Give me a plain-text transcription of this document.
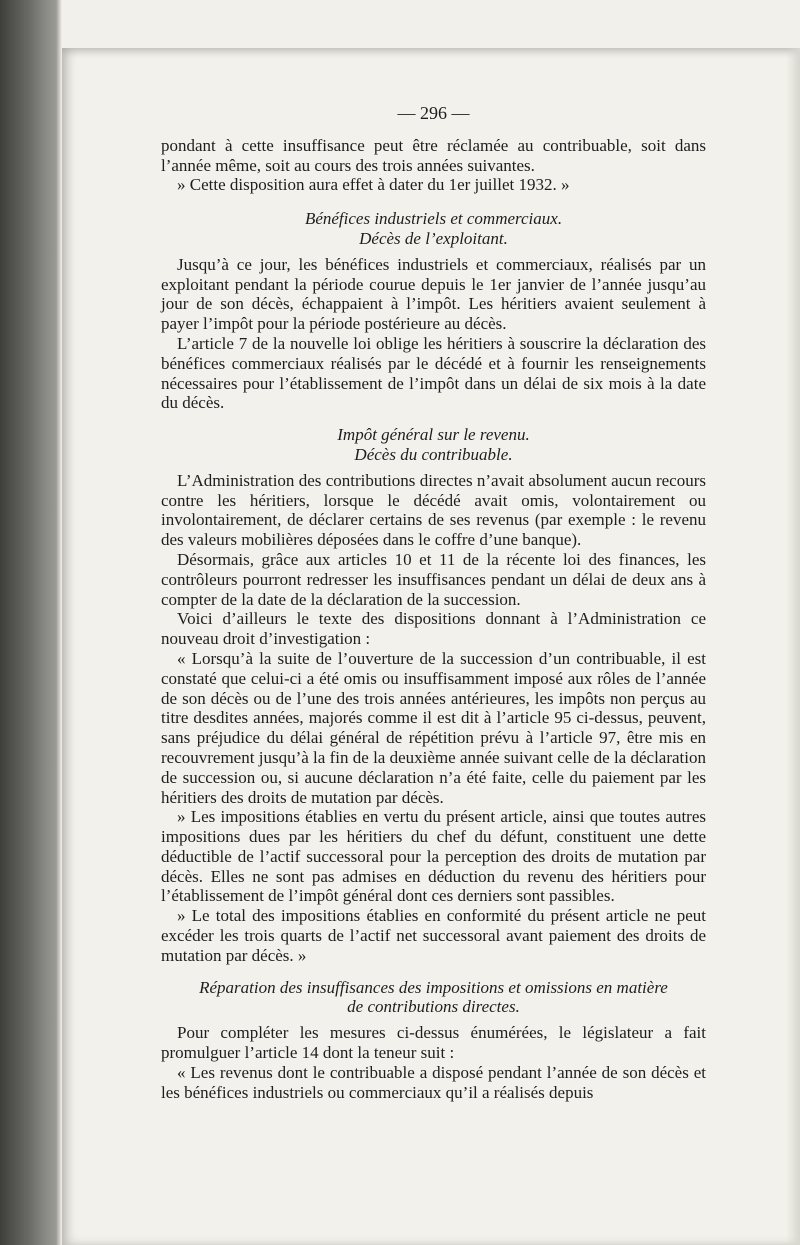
— 296 —

pondant à cette insuffisance peut être réclamée au contribuable, soit dans l’année même, soit au cours des trois années suivantes.

» Cette disposition aura effet à dater du 1er juillet 1932. »

Bénéfices industriels et commerciaux.
Décès de l’exploitant.

Jusqu’à ce jour, les bénéfices industriels et commerciaux, réalisés par un exploitant pendant la période courue depuis le 1er janvier de l’année jusqu’au jour de son décès, échappaient à l’impôt. Les héritiers avaient seulement à payer l’impôt pour la période postérieure au décès.

L’article 7 de la nouvelle loi oblige les héritiers à souscrire la déclaration des bénéfices commerciaux réalisés par le décédé et à fournir les renseignements nécessaires pour l’établissement de l’impôt dans un délai de six mois à la date du décès.

Impôt général sur le revenu.
Décès du contribuable.

L’Administration des contributions directes n’avait absolument aucun recours contre les héritiers, lorsque le décédé avait omis, volontairement ou involontairement, de déclarer certains de ses revenus (par exemple : le revenu des valeurs mobilières déposées dans le coffre d’une banque).

Désormais, grâce aux articles 10 et 11 de la récente loi des finances, les contrôleurs pourront redresser les insuffisances pendant un délai de deux ans à compter de la date de la déclaration de la succession.

Voici d’ailleurs le texte des dispositions donnant à l’Administration ce nouveau droit d’investigation :

« Lorsqu’à la suite de l’ouverture de la succession d’un contribuable, il est constaté que celui-ci a été omis ou insuffisamment imposé aux rôles de l’année de son décès ou de l’une des trois années antérieures, les impôts non perçus au titre desdites années, majorés comme il est dit à l’article 95 ci-dessus, peuvent, sans préjudice du délai général de répétition prévu à l’article 97, être mis en recouvrement jusqu’à la fin de la deuxième année suivant celle de la déclaration de succession ou, si aucune déclaration n’a été faite, celle du paiement par les héritiers des droits de mutation par décès.

» Les impositions établies en vertu du présent article, ainsi que toutes autres impositions dues par les héritiers du chef du défunt, constituent une dette déductible de l’actif successoral pour la perception des droits de mutation par décès. Elles ne sont pas admises en déduction du revenu des héritiers pour l’établissement de l’impôt général dont ces derniers sont passibles.

» Le total des impositions établies en conformité du présent article ne peut excéder les trois quarts de l’actif net successoral avant paiement des droits de mutation par décès. »

Réparation des insuffisances des impositions et omissions en matière
de contributions directes.

Pour compléter les mesures ci-dessus énumérées, le législateur a fait promulguer l’article 14 dont la teneur suit :

« Les revenus dont le contribuable a disposé pendant l’année de son décès et les bénéfices industriels ou commerciaux qu’il a réalisés depuis
